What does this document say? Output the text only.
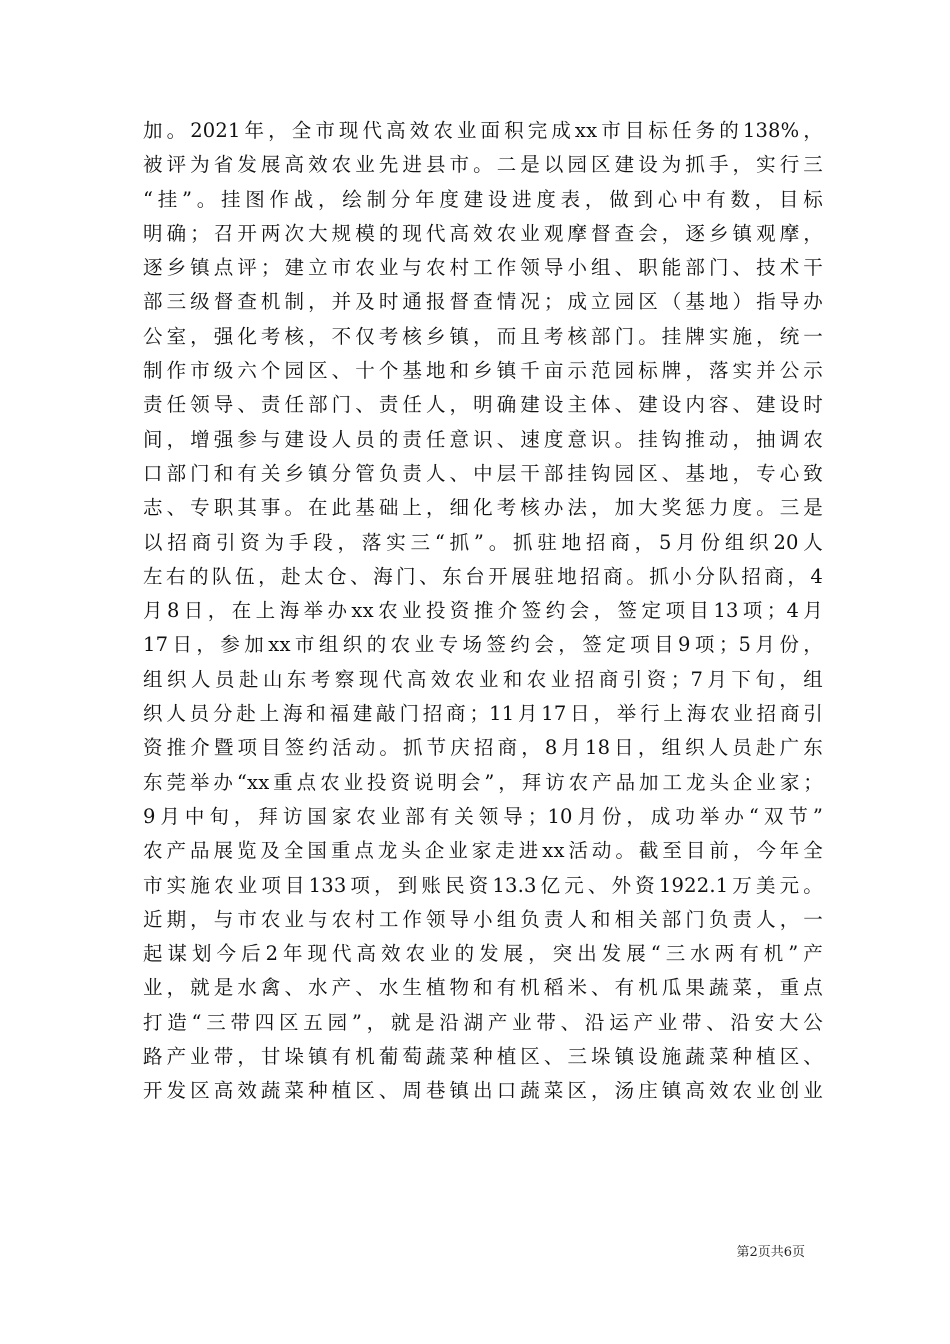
加。2021年，全市现代高效农业面积完成xx市目标任务的138%，
被评为省发展高效农业先进县市。二是以园区建设为抓手，实行三
“挂”。挂图作战，绘制分年度建设进度表，做到心中有数，目标
明确；召开两次大规模的现代高效农业观摩督查会，逐乡镇观摩，
逐乡镇点评；建立市农业与农村工作领导小组、职能部门、技术干
部三级督查机制，并及时通报督查情况；成立园区（基地）指导办
公室，强化考核，不仅考核乡镇，而且考核部门。挂牌实施，统一
制作市级六个园区、十个基地和乡镇千亩示范园标牌，落实并公示
责任领导、责任部门、责任人，明确建设主体、建设内容、建设时
间，增强参与建设人员的责任意识、速度意识。挂钩推动，抽调农
口部门和有关乡镇分管负责人、中层干部挂钩园区、基地，专心致
志、专职其事。在此基础上，细化考核办法，加大奖惩力度。三是
以招商引资为手段，落实三“抓”。抓驻地招商，5月份组织20人
左右的队伍，赴太仓、海门、东台开展驻地招商。抓小分队招商，4
月8日，在上海举办xx农业投资推介签约会，签定项目13项；4月
17日，参加xx市组织的农业专场签约会，签定项目9项；5月份，
组织人员赴山东考察现代高效农业和农业招商引资；7月下旬，组
织人员分赴上海和福建敲门招商；11月17日，举行上海农业招商引
资推介暨项目签约活动。抓节庆招商，8月18日，组织人员赴广东
东莞举办“xx重点农业投资说明会”，拜访农产品加工龙头企业家；
9月中旬，拜访国家农业部有关领导；10月份，成功举办“双节”
农产品展览及全国重点龙头企业家走进xx活动。截至目前，今年全
市实施农业项目133项，到账民资13.3亿元、外资1922.1万美元。
近期，与市农业与农村工作领导小组负责人和相关部门负责人，一
起谋划今后2年现代高效农业的发展，突出发展“三水两有机”产
业，就是水禽、水产、水生植物和有机稻米、有机瓜果蔬菜，重点
打造“三带四区五园”，就是沿湖产业带、沿运产业带、沿安大公
路产业带，甘垛镇有机葡萄蔬菜种植区、三垛镇设施蔬菜种植区、
开发区高效蔬菜种植区、周巷镇出口蔬菜区，汤庄镇高效农业创业
第2页共6页
